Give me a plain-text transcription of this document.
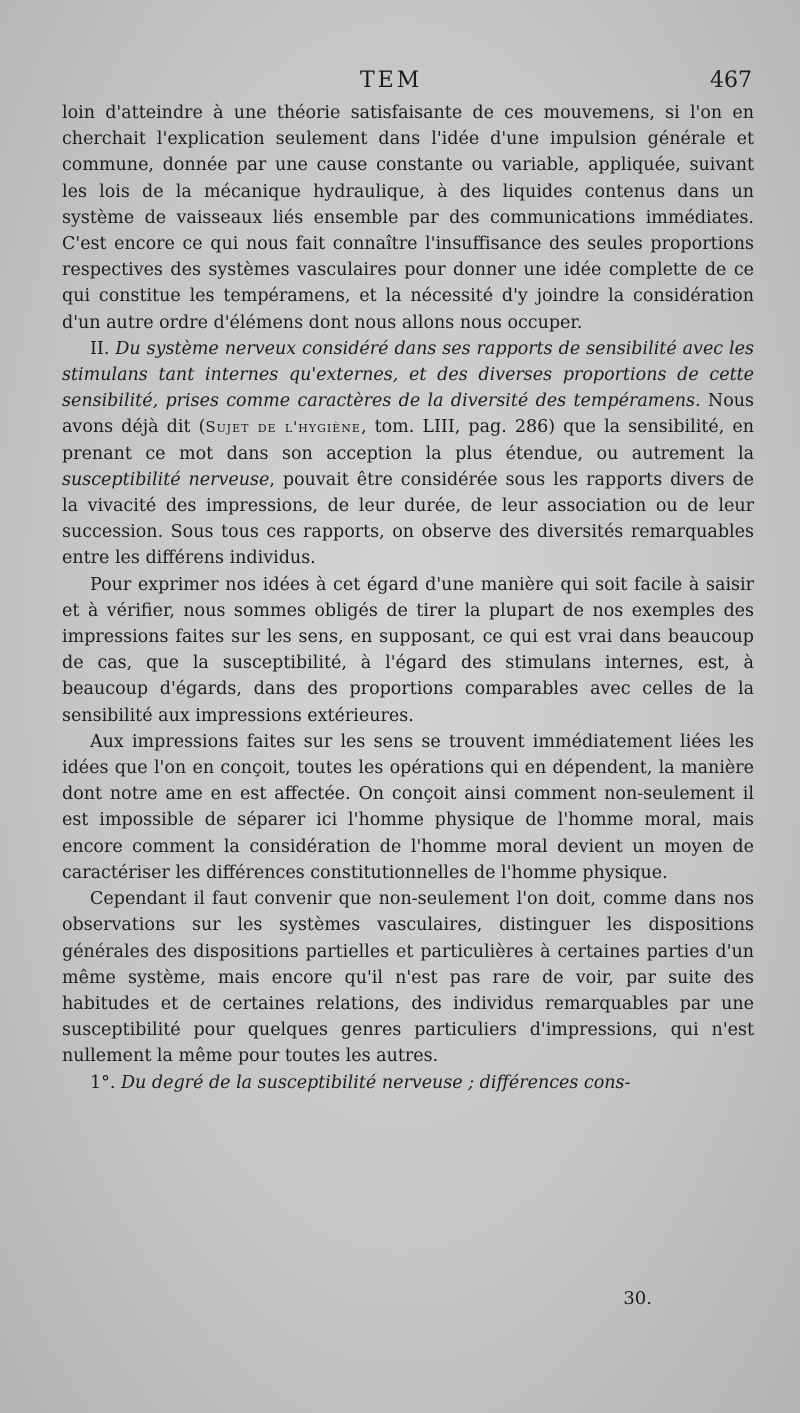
TEM	467

loin d'atteindre à une théorie satisfaisante de ces mouvemens, si l'on en cherchait l'explication seulement dans l'idée d'une impulsion générale et commune, donnée par une cause constante ou variable, appliquée, suivant les lois de la mécanique hydraulique, à des liquides contenus dans un système de vaisseaux liés ensemble par des communications immédiates. C'est encore ce qui nous fait connaître l'insuffisance des seules proportions respectives des systèmes vasculaires pour donner une idée complette de ce qui constitue les tempéramens, et la nécessité d'y joindre la considération d'un autre ordre d'élémens dont nous allons nous occuper.

II. Du système nerveux considéré dans ses rapports de sensibilité avec les stimulans tant internes qu'externes, et des diverses proportions de cette sensibilité, prises comme caractères de la diversité des tempéramens. Nous avons déjà dit (Sujet de l'hygiène, tom. LIII, pag. 286) que la sensibilité, en prenant ce mot dans son acception la plus étendue, ou autrement la susceptibilité nerveuse, pouvait être considérée sous les rapports divers de la vivacité des impressions, de leur durée, de leur association ou de leur succession. Sous tous ces rapports, on observe des diversités remarquables entre les différens individus.

Pour exprimer nos idées à cet égard d'une manière qui soit facile à saisir et à vérifier, nous sommes obligés de tirer la plupart de nos exemples des impressions faites sur les sens, en supposant, ce qui est vrai dans beaucoup de cas, que la susceptibilité, à l'égard des stimulans internes, est, à beaucoup d'égards, dans des proportions comparables avec celles de la sensibilité aux impressions extérieures.

Aux impressions faites sur les sens se trouvent immédiatement liées les idées que l'on en conçoit, toutes les opérations qui en dépendent, la manière dont notre ame en est affectée. On conçoit ainsi comment non-seulement il est impossible de séparer ici l'homme physique de l'homme moral, mais encore comment la considération de l'homme moral devient un moyen de caractériser les différences constitutionnelles de l'homme physique.

Cependant il faut convenir que non-seulement l'on doit, comme dans nos observations sur les systèmes vasculaires, distinguer les dispositions générales des dispositions partielles et particulières à certaines parties d'un même système, mais encore qu'il n'est pas rare de voir, par suite des habitudes et de certaines relations, des individus remarquables par une susceptibilité pour quelques genres particuliers d'impressions, qui n'est nullement la même pour toutes les autres.

1°. Du degré de la susceptibilité nerveuse ; différences cons-

30.
